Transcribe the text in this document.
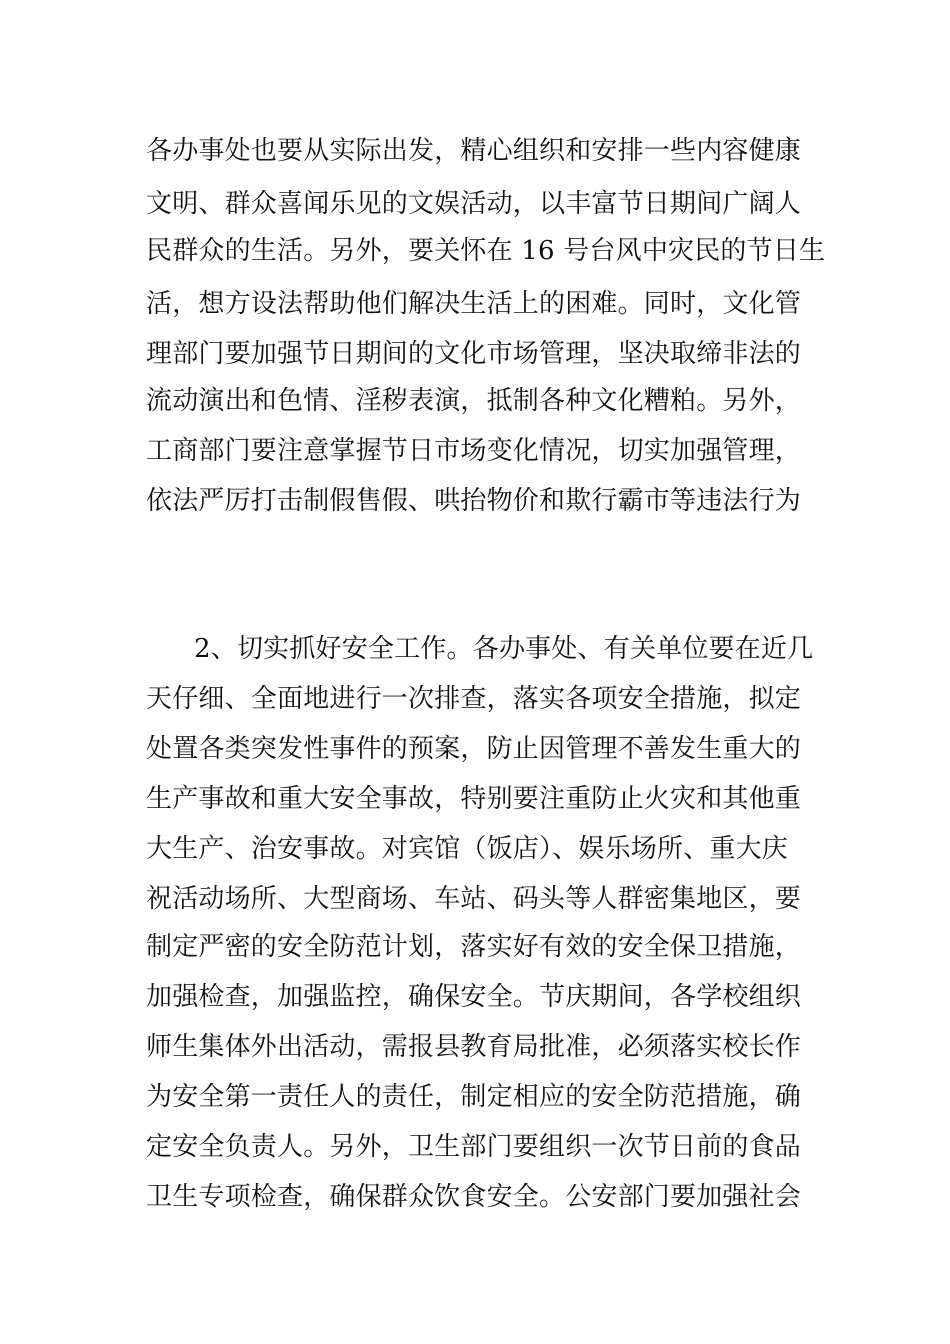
各办事处也要从实际出发，精心组织和安排一些内容健康
文明、群众喜闻乐见的文娱活动，以丰富节日期间广阔人
民群众的生活。另外，要关怀在 16 号台风中灾民的节日生
活，想方设法帮助他们解决生活上的困难。同时，文化管
理部门要加强节日期间的文化市场管理，坚决取缔非法的
流动演出和色情、淫秽表演，抵制各种文化糟粕。另外，
工商部门要注意掌握节日市场变化情况，切实加强管理，
依法严厉打击制假售假、哄抬物价和欺行霸市等违法行为
2、切实抓好安全工作。各办事处、有关单位要在近几
天仔细、全面地进行一次排查，落实各项安全措施，拟定
处置各类突发性事件的预案，防止因管理不善发生重大的
生产事故和重大安全事故，特别要注重防止火灾和其他重
大生产、治安事故。对宾馆（饭店）、娱乐场所、重大庆
祝活动场所、大型商场、车站、码头等人群密集地区，要
制定严密的安全防范计划，落实好有效的安全保卫措施，
加强检查，加强监控，确保安全。节庆期间，各学校组织
师生集体外出活动，需报县教育局批准，必须落实校长作
为安全第一责任人的责任，制定相应的安全防范措施，确
定安全负责人。另外，卫生部门要组织一次节日前的食品
卫生专项检查，确保群众饮食安全。公安部门要加强社会
